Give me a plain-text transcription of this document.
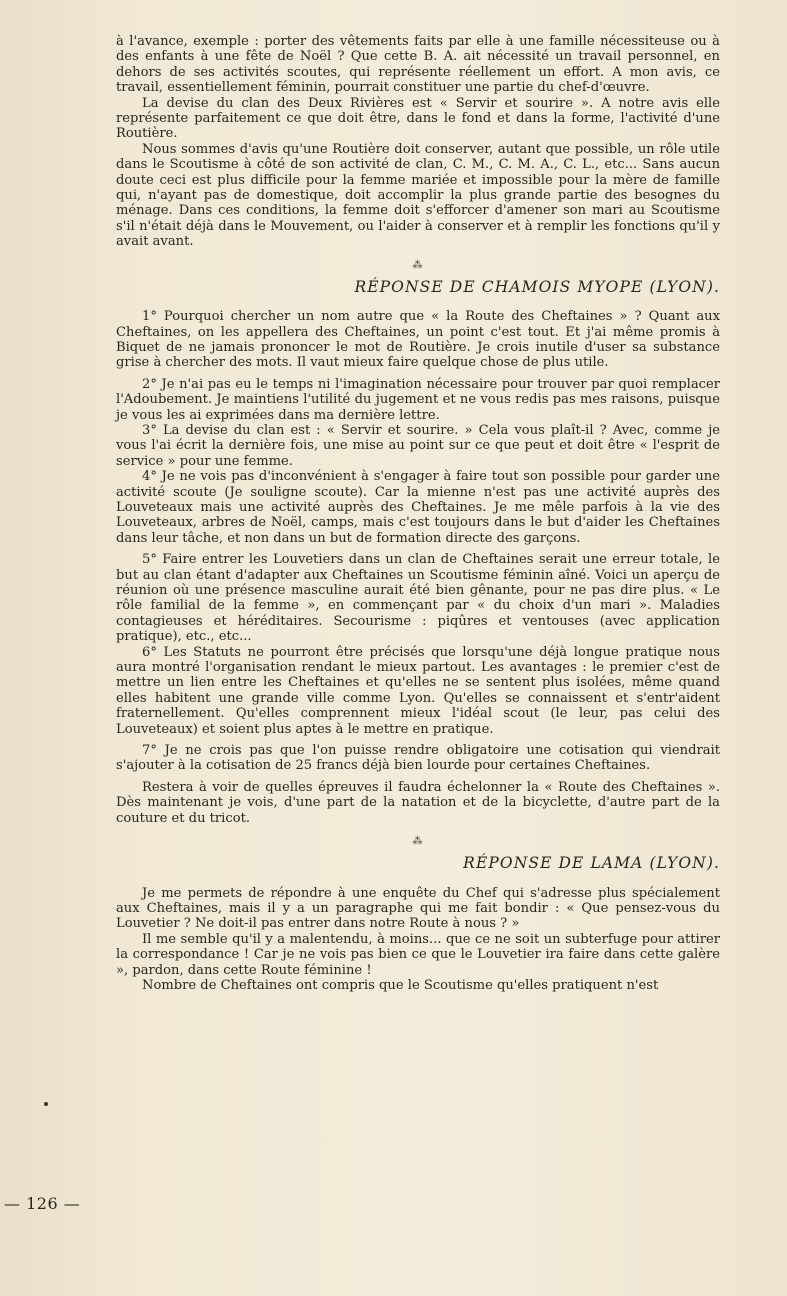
— 126 —

à l'avance, exemple : porter des vêtements faits par elle à une famille nécessiteuse ou à des enfants à une fête de Noël ? Que cette B. A. ait nécessité un travail personnel, en dehors de ses activités scoutes, qui représente réellement un effort. A mon avis, ce travail, essentiellement féminin, pourrait constituer une partie du chef-d'œuvre.

La devise du clan des Deux Rivières est « Servir et sourire ». A notre avis elle représente parfaitement ce que doit être, dans le fond et dans la forme, l'activité d'une Routière.

Nous sommes d'avis qu'une Routière doit conserver, autant que possible, un rôle utile dans le Scoutisme à côté de son activité de clan, C. M., C. M. A., C. L., etc... Sans aucun doute ceci est plus difficile pour la femme mariée et impossible pour la mère de famille qui, n'ayant pas de domestique, doit accomplir la plus grande partie des besognes du ménage. Dans ces conditions, la femme doit s'efforcer d'amener son mari au Scoutisme s'il n'était déjà dans le Mouvement, ou l'aider à conserver et à remplir les fonctions qu'il y avait avant.

⁂
RÉPONSE DE CHAMOIS MYOPE (LYON).

1° Pourquoi chercher un nom autre que « la Route des Cheftaines » ? Quant aux Cheftaines, on les appellera des Cheftaines, un point c'est tout. Et j'ai même promis à Biquet de ne jamais prononcer le mot de Routière. Je crois inutile d'user sa substance grise à chercher des mots. Il vaut mieux faire quelque chose de plus utile.

2° Je n'ai pas eu le temps ni l'imagination nécessaire pour trouver par quoi remplacer l'Adoubement. Je maintiens l'utilité du jugement et ne vous redis pas mes raisons, puisque je vous les ai exprimées dans ma dernière lettre.

3° La devise du clan est : « Servir et sourire. » Cela vous plaît-il ? Avec, comme je vous l'ai écrit la dernière fois, une mise au point sur ce que peut et doit être « l'esprit de service » pour une femme.

4° Je ne vois pas d'inconvénient à s'engager à faire tout son possible pour garder une activité scoute (Je souligne scoute). Car la mienne n'est pas une activité auprès des Louveteaux mais une activité auprès des Cheftaines. Je me mêle parfois à la vie des Louveteaux, arbres de Noël, camps, mais c'est toujours dans le but d'aider les Cheftaines dans leur tâche, et non dans un but de formation directe des garçons.

5° Faire entrer les Louvetiers dans un clan de Cheftaines serait une erreur totale, le but au clan étant d'adapter aux Cheftaines un Scoutisme féminin aîné. Voici un aperçu de réunion où une présence masculine aurait été bien gênante, pour ne pas dire plus. « Le rôle familial de la femme », en commençant par « du choix d'un mari ». Maladies contagieuses et héréditaires. Secourisme : piqûres et ventouses (avec application pratique), etc., etc...

6° Les Statuts ne pourront être précisés que lorsqu'une déjà longue pratique nous aura montré l'organisation rendant le mieux partout. Les avantages : le premier c'est de mettre un lien entre les Cheftaines et qu'elles ne se sentent plus isolées, même quand elles habitent une grande ville comme Lyon. Qu'elles se connaissent et s'entr'aident fraternellement. Qu'elles comprennent mieux l'idéal scout (le leur, pas celui des Louveteaux) et soient plus aptes à le mettre en pratique.

7° Je ne crois pas que l'on puisse rendre obligatoire une cotisation qui viendrait s'ajouter à la cotisation de 25 francs déjà bien lourde pour certaines Cheftaines.

Restera à voir de quelles épreuves il faudra échelonner la « Route des Cheftaines ». Dès maintenant je vois, d'une part de la natation et de la bicyclette, d'autre part de la couture et du tricot.

⁂
RÉPONSE DE LAMA (LYON).

Je me permets de répondre à une enquête du Chef qui s'adresse plus spécialement aux Cheftaines, mais il y a un paragraphe qui me fait bondir : « Que pensez-vous du Louvetier ? Ne doit-il pas entrer dans notre Route à nous ? »

Il me semble qu'il y a malentendu, à moins... que ce ne soit un subterfuge pour attirer la correspondance ! Car je ne vois pas bien ce que le Louvetier ira faire dans cette galère », pardon, dans cette Route féminine !

Nombre de Cheftaines ont compris que le Scoutisme qu'elles pratiquent n'est
